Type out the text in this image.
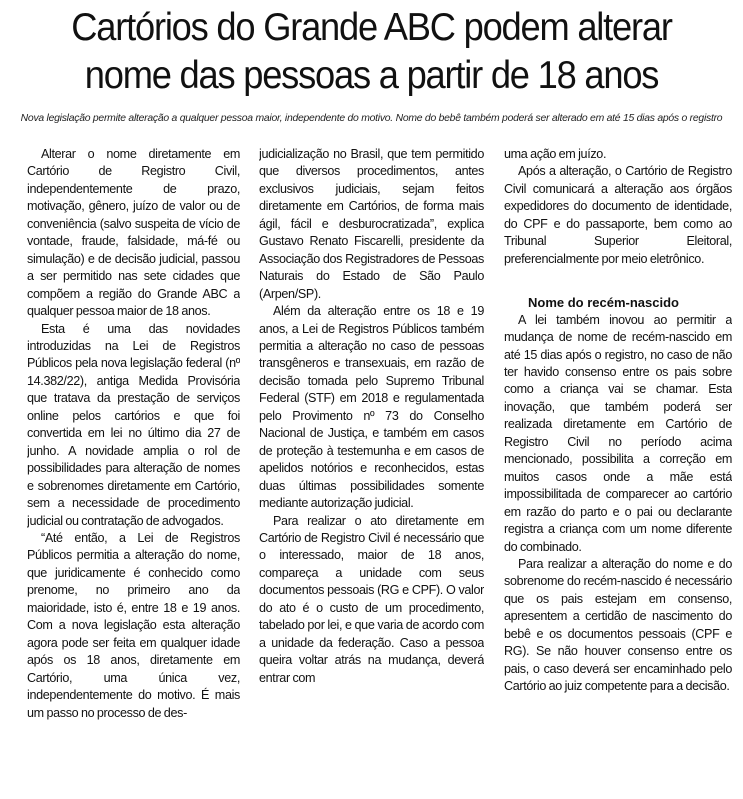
Cartórios do Grande ABC podem alterar
nome das pessoas a partir de 18 anos
Nova legislação permite alteração a qualquer pessoa maior, independente do motivo. Nome do bebê também poderá ser alterado em até 15 dias após o registro

Alterar o nome diretamente em Cartório de Registro Civil, independentemente de prazo, motivação, gênero, juízo de valor ou de conveniência (salvo suspeita de vício de vontade, fraude, falsidade, má-fé ou simulação) e de decisão judicial, passou a ser permitido nas sete cidades que compõem a região do Grande ABC a qualquer pessoa maior de 18 anos.

Esta é uma das novidades introduzidas na Lei de Registros Públicos pela nova legislação federal (nº 14.382/22), antiga Medida Provisória que tratava da prestação de serviços online pelos cartórios e que foi convertida em lei no último dia 27 de junho. A novidade amplia o rol de possibilidades para alteração de nomes e sobrenomes diretamente em Cartório, sem a necessidade de procedimento judicial ou contratação de advogados.

“Até então, a Lei de Registros Públicos permitia a alteração do nome, que juridicamente é conhecido como prenome, no primeiro ano da maioridade, isto é, entre 18 e 19 anos. Com a nova legislação esta alteração agora pode ser feita em qualquer idade após os 18 anos, diretamente em Cartório, uma única vez, independentemente do motivo. É mais um passo no processo de des-

judicialização no Brasil, que tem permitido que diversos procedimentos, antes exclusivos judiciais, sejam feitos diretamente em Cartórios, de forma mais ágil, fácil e desburocratizada”, explica Gustavo Renato Fiscarelli, presidente da Associação dos Registradores de Pessoas Naturais do Estado de São Paulo (Arpen/SP).

Além da alteração entre os 18 e 19 anos, a Lei de Registros Públicos também permitia a alteração no caso de pessoas transgêneros e transexuais, em razão de decisão tomada pelo Supremo Tribunal Federal (STF) em 2018 e regulamentada pelo Provimento nº 73 do Conselho Nacional de Justiça, e também em casos de proteção à testemunha e em casos de apelidos notórios e reconhecidos, estas duas últimas possibilidades somente mediante autorização judicial.

Para realizar o ato diretamente em Cartório de Registro Civil é necessário que o interessado, maior de 18 anos, compareça a unidade com seus documentos pessoais (RG e CPF). O valor do ato é o custo de um procedimento, tabelado por lei, e que varia de acordo com a unidade da federação. Caso a pessoa queira voltar atrás na mudança, deverá entrar com

uma ação em juízo.

Após a alteração, o Cartório de Registro Civil comunicará a alteração aos órgãos expedidores do documento de identidade, do CPF e do passaporte, bem como ao Tribunal Superior Eleitoral, preferencialmente por meio eletrônico.

Nome do recém-nascido

A lei também inovou ao permitir a mudança de nome de recém-nascido em até 15 dias após o registro, no caso de não ter havido consenso entre os pais sobre como a criança vai se chamar. Esta inovação, que também poderá ser realizada diretamente em Cartório de Registro Civil no período acima mencionado, possibilita a correção em muitos casos onde a mãe está impossibilitada de comparecer ao cartório em razão do parto e o pai ou declarante registra a criança com um nome diferente do combinado.

Para realizar a alteração do nome e do sobrenome do recém-nascido é necessário que os pais estejam em consenso, apresentem a certidão de nascimento do bebê e os documentos pessoais (CPF e RG). Se não houver consenso entre os pais, o caso deverá ser encaminhado pelo Cartório ao juiz competente para a decisão.
